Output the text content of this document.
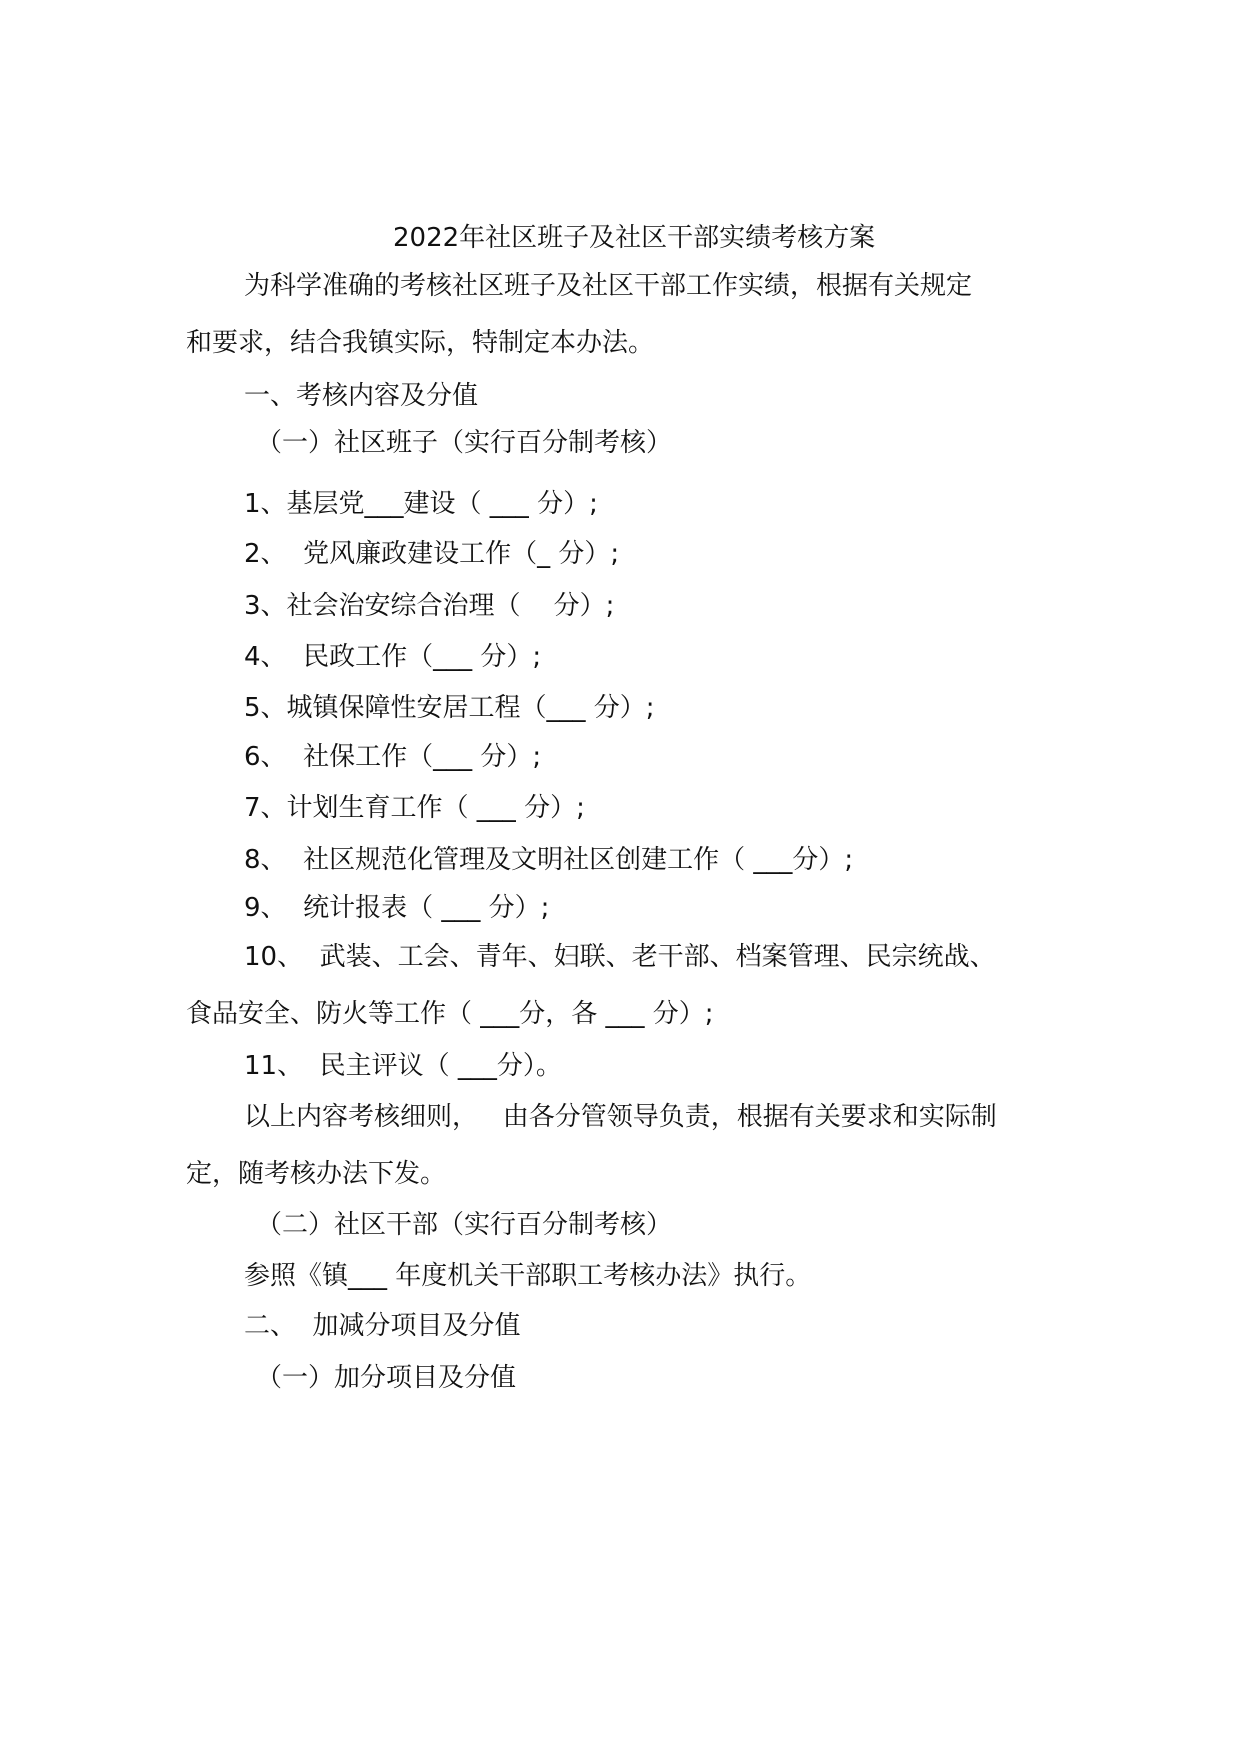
2022年社区班子及社区干部实绩考核方案
为科学准确的考核社区班子及社区干部工作实绩，根据有关规定
和要求，结合我镇实际，特制定本办法。
一、考核内容及分值
（一）社区班子（实行百分制考核）
1、基层党___建设（ ___ 分）;
2、  党风廉政建设工作（_ 分）;
3、社会治安综合治理（    分）;
4、  民政工作（___ 分）;
5、城镇保障性安居工程（___ 分）;
6、  社保工作（___ 分）;
7、计划生育工作（ ___ 分）;
8、  社区规范化管理及文明社区创建工作（ ___分）;
9、  统计报表（ ___ 分）;
10、  武装、工会、青年、妇联、老干部、档案管理、民宗统战、
食品安全、防火等工作（ ___分，各 ___ 分）;
11、  民主评议（ ___分）。
以上内容考核细则，   由各分管领导负责，根据有关要求和实际制
定，随考核办法下发。
（二）社区干部（实行百分制考核）
参照《镇___ 年度机关干部职工考核办法》执行。
二、  加减分项目及分值
（一）加分项目及分值
